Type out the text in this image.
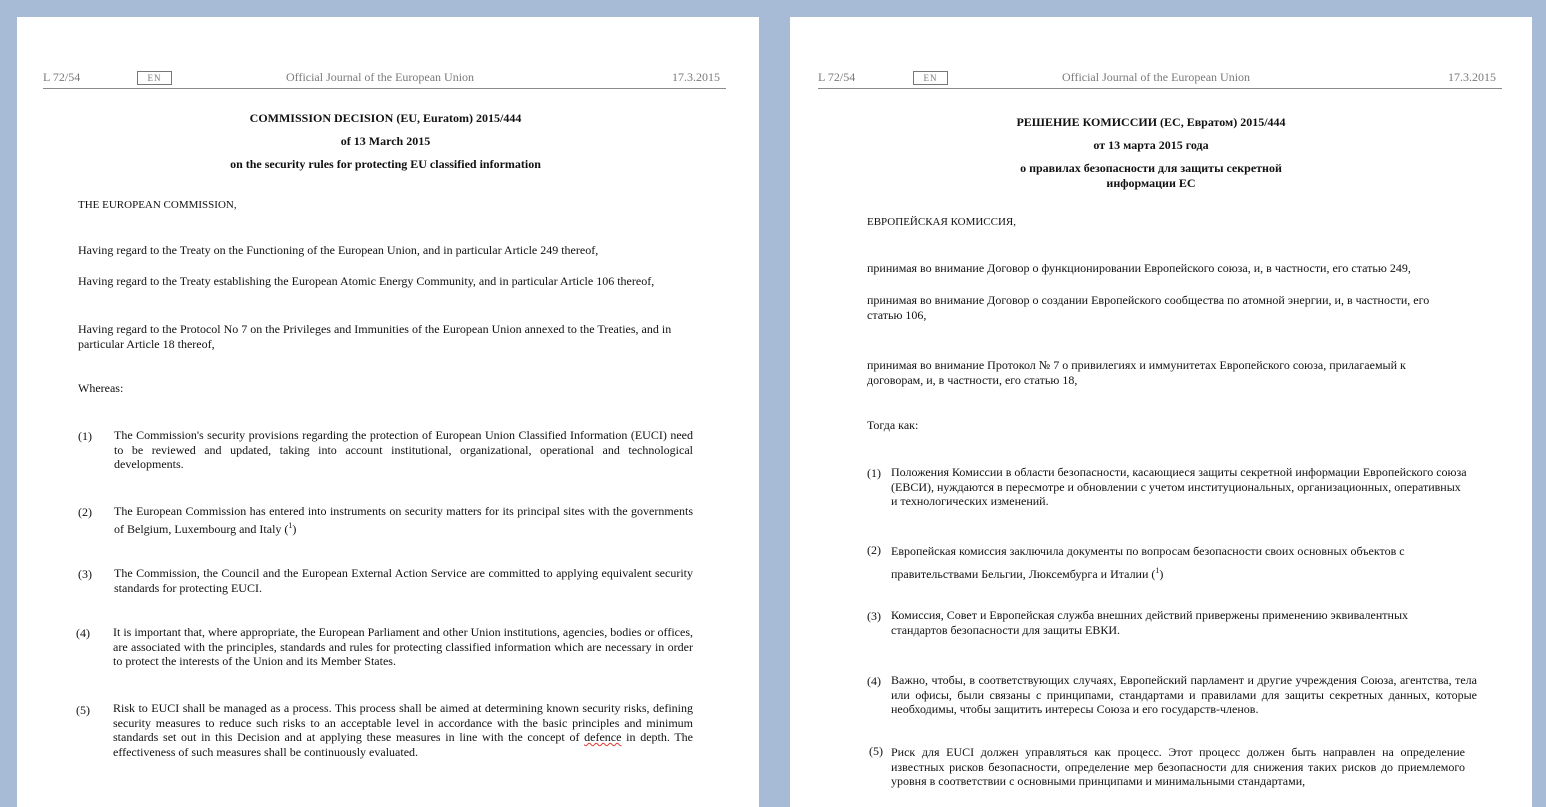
L 72/54	EN	Official Journal of the European Union	17.3.2015
COMMISSION DECISION (EU, Euratom) 2015/444
of 13 March 2015
on the security rules for protecting EU classified information
THE EUROPEAN COMMISSION,
Having regard to the Treaty on the Functioning of the European Union, and in particular Article 249 thereof,
Having regard to the Treaty establishing the European Atomic Energy Community, and in particular Article 106 thereof,
Having regard to the Protocol No 7 on the Privileges and Immunities of the European Union annexed to the Treaties, and in particular Article 18 thereof,
Whereas:
(1) The Commission's security provisions regarding the protection of European Union Classified Information (EUCI) need to be reviewed and updated, taking into account institutional, organizational, operational and technological developments.
(2) The European Commission has entered into instruments on security matters for its principal sites with the governments of Belgium, Luxembourg and Italy ($^1$)
(3) The Commission, the Council and the European External Action Service are committed to applying equivalent security standards for protecting EUCI.
(4) It is important that, where appropriate, the European Parliament and other Union institutions, agencies, bodies or offices, are associated with the principles, standards and rules for protecting classified information which are necessary in order to protect the interests of the Union and its Member States.
(5) Risk to EUCI shall be managed as a process. This process shall be aimed at determining known security risks, defining security measures to reduce such risks to an acceptable level in accordance with the basic principles and minimum standards set out in this Decision and at applying these measures in line with the concept of defence in depth. The effectiveness of such measures shall be continuously evaluated.
L 72/54	EN	Official Journal of the European Union	17.3.2015
РЕШЕНИЕ КОМИССИИ (ЕС, Евратом) 2015/444
от 13 марта 2015 года
о правилах безопасности для защиты секретной
информации ЕС
ЕВРОПЕЙСКАЯ КОМИССИЯ,
принимая во внимание Договор о функционировании Европейского союза, и, в частности, его статью 249,
принимая во внимание Договор о создании Европейского сообщества по атомной энергии, и, в частности, его статью 106,
принимая во внимание Протокол № 7 о привилегиях и иммунитетах Европейского союза, прилагаемый к договорам, и, в частности, его статью 18,
Тогда как:
(1) Положения Комиссии в области безопасности, касающиеся защиты секретной информации Европейского союза (ЕВСИ), нуждаются в пересмотре и обновлении с учетом институциональных, организационных, оперативных и технологических изменений.
(2) Европейская комиссия заключила документы по вопросам безопасности своих основных объектов с правительствами Бельгии, Люксембурга и Италии ($^1$)
(3) Комиссия, Совет и Европейская служба внешних действий привержены применению эквивалентных стандартов безопасности для защиты ЕВКИ.
(4) Важно, чтобы, в соответствующих случаях, Европейский парламент и другие учреждения Союза, агентства, тела или офисы, были связаны с принципами, стандартами и правилами для защиты секретных данных, которые необходимы, чтобы защитить интересы Союза и его государств-членов.
(5) Риск для EUCI должен управляться как процесс. Этот процесс должен быть направлен на определение известных рисков безопасности, определение мер безопасности для снижения таких рисков до приемлемого уровня в соответствии с основными принципами и минимальными стандартами,
